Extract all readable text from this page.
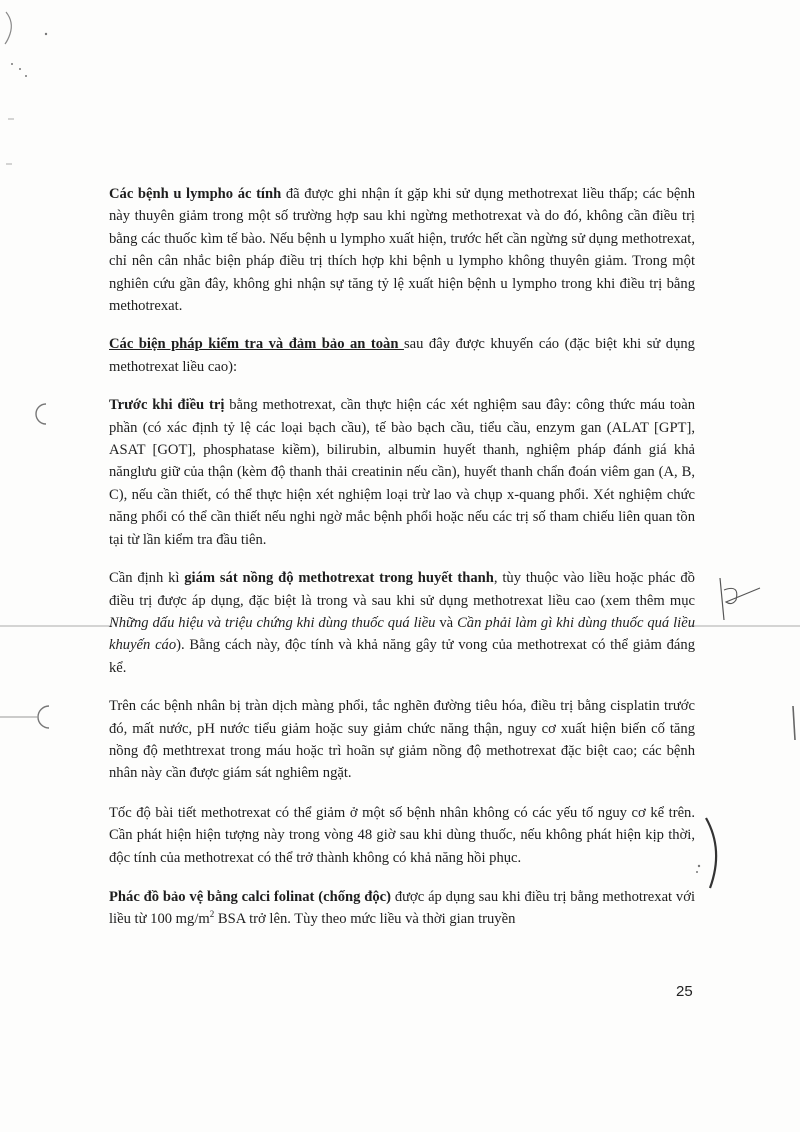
Các bệnh u lympho ác tính đã được ghi nhận ít gặp khi sử dụng methotrexat liều thấp; các bệnh này thuyên giảm trong một số trường hợp sau khi ngừng methotrexat và do đó, không cần điều trị bằng các thuốc kìm tế bào. Nếu bệnh u lympho xuất hiện, trước hết cần ngừng sử dụng methotrexat, chỉ nên cân nhắc biện pháp điều trị thích hợp khi bệnh u lympho không thuyên giảm. Trong một nghiên cứu gần đây, không ghi nhận sự tăng tỷ lệ xuất hiện bệnh u lympho trong khi điều trị bằng methotrexat.

Các biện pháp kiểm tra và đảm bảo an toàn sau đây được khuyến cáo (đặc biệt khi sử dụng methotrexat liều cao):

Trước khi điều trị bằng methotrexat, cần thực hiện các xét nghiệm sau đây: công thức máu toàn phần (có xác định tỷ lệ các loại bạch cầu), tế bào bạch cầu, tiểu cầu, enzym gan (ALAT [GPT], ASAT [GOT], phosphatase kiềm), bilirubin, albumin huyết thanh, nghiệm pháp đánh giá khả nănglưu giữ của thận (kèm độ thanh thải creatinin nếu cần), huyết thanh chẩn đoán viêm gan (A, B, C), nếu cần thiết, có thể thực hiện xét nghiệm loại trừ lao và chụp x-quang phổi. Xét nghiệm chức năng phổi có thể cần thiết nếu nghi ngờ mắc bệnh phổi hoặc nếu các trị số tham chiếu liên quan tồn tại từ lần kiểm tra đầu tiên.

Cần định kì giám sát nồng độ methotrexat trong huyết thanh, tùy thuộc vào liều hoặc phác đồ điều trị được áp dụng, đặc biệt là trong và sau khi sử dụng methotrexat liều cao (xem thêm mục Những dấu hiệu và triệu chứng khi dùng thuốc quá liều và Cần phải làm gì khi dùng thuốc quá liều khuyến cáo). Bằng cách này, độc tính và khả năng gây tử vong của methotrexat có thể giảm đáng kể.

Trên các bệnh nhân bị tràn dịch màng phổi, tắc nghẽn đường tiêu hóa, điều trị bằng cisplatin trước đó, mất nước, pH nước tiểu giảm hoặc suy giảm chức năng thận, nguy cơ xuất hiện biến cố tăng nồng độ methtrexat trong máu hoặc trì hoãn sự giảm nồng độ methotrexat đặc biệt cao; các bệnh nhân này cần được giám sát nghiêm ngặt.

Tốc độ bài tiết methotrexat có thể giảm ở một số bệnh nhân không có các yếu tố nguy cơ kể trên. Cần phát hiện hiện tượng này trong vòng 48 giờ sau khi dùng thuốc, nếu không phát hiện kịp thời, độc tính của methotrexat có thể trở thành không có khả năng hồi phục.

Phác đồ bảo vệ bằng calci folinat (chống độc) được áp dụng sau khi điều trị bằng methotrexat với liều từ 100 $mg/m^2$ BSA trở lên. Tùy theo mức liều và thời gian truyền

25
